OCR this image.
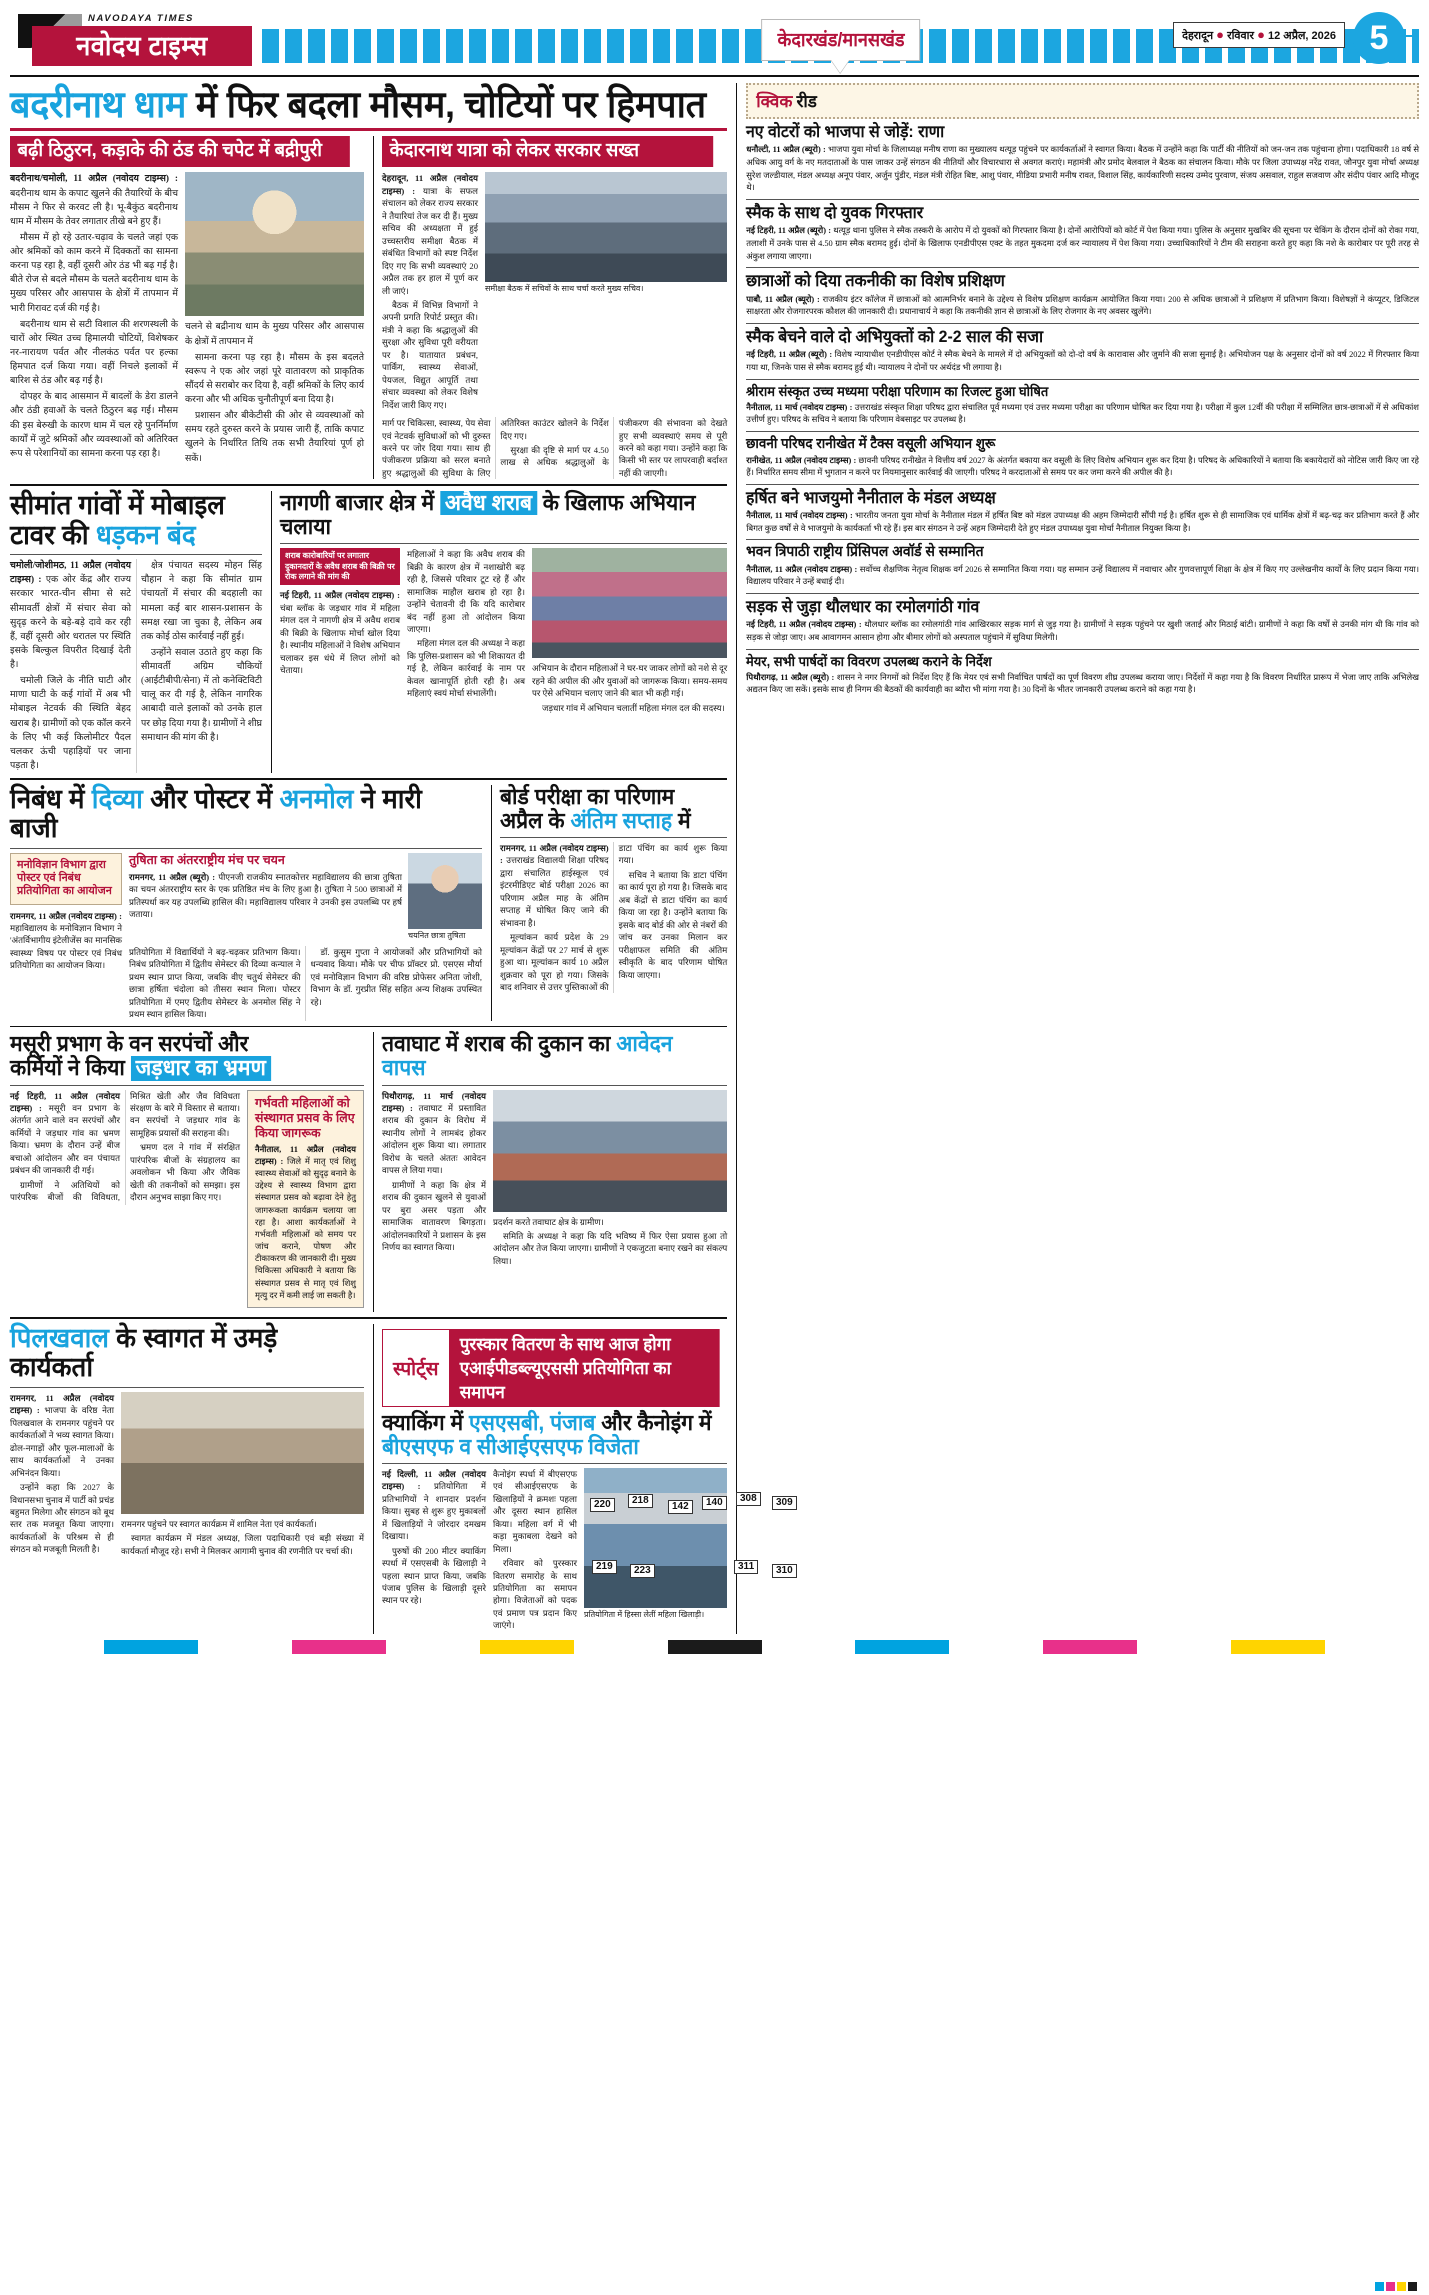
NAVODAYA TIMES
नवोदय टाइम्स	केदारखंड/मानसखंड	देहरादून ● रविवार ● 12 अप्रैल, 2026 5
बदरीनाथ धाम में फिर बदला मौसम, चोटियों पर हिमपात
बढ़ी ठिठुरन, कड़ाके की ठंड की चपेट में बद्रीपुरी

बदरीनाथ/चमोली, 11 अप्रैल (नवोदय टाइम्स) : बदरीनाथ धाम के कपाट खुलने की तैयारियों के बीच मौसम ने फिर से करवट ली है। भू-बैकुंठ बदरीनाथ धाम में मौसम के तेवर लगातार तीखे बने हुए हैं।

मौसम में हो रहे उतार-चढ़ाव के चलते जहां एक ओर श्रमिकों को काम करने में दिक्कतों का सामना करना पड़ रहा है, वहीं दूसरी ओर ठंड भी बढ़ गई है। बीते रोज से बदले मौसम के चलते बदरीनाथ धाम के मुख्य परिसर और आसपास के क्षेत्रों में तापमान में भारी गिरावट दर्ज की गई है।

बदरीनाथ धाम से सटी विशाल की शरणस्थली के चारों ओर स्थित उच्च हिमालयी चोटियों, विशेषकर नर-नारायण पर्वत और नीलकंठ पर्वत पर हल्का हिमपात दर्ज किया गया। वहीं निचले इलाकों में बारिश से ठंड और बढ़ गई है।

दोपहर के बाद आसमान में बादलों के डेरा डालने और ठंडी हवाओं के चलते ठिठुरन बढ़ गई। मौसम की इस बेरुखी के कारण धाम में चल रहे पुनर्निर्माण कार्यों में जुटे श्रमिकों और व्यवस्थाओं को अतिरिक्त रूप से परेशानियों का सामना करना पड़ रहा है।

चलने से बद्रीनाथ धाम के मुख्य परिसर और आसपास के क्षेत्रों में तापमान में

सामना करना पड़ रहा है। मौसम के इस बदलते स्वरूप ने एक ओर जहां पूरे वातावरण को प्राकृतिक सौंदर्य से सराबोर कर दिया है, वहीं श्रमिकों के लिए कार्य करना और भी अधिक चुनौतीपूर्ण बना दिया है।

प्रशासन और बीकेटीसी की ओर से व्यवस्थाओं को समय रहते दुरुस्त करने के प्रयास जारी हैं, ताकि कपाट खुलने के निर्धारित तिथि तक सभी तैयारियां पूर्ण हो सकें।

केदारनाथ यात्रा को लेकर सरकार सख्त

देहरादून, 11 अप्रैल (नवोदय टाइम्स) : यात्रा के सफल संचालन को लेकर राज्य सरकार ने तैयारियां तेज कर दी हैं। मुख्य सचिव की अध्यक्षता में हुई उच्चस्तरीय समीक्षा बैठक में संबंधित विभागों को स्पष्ट निर्देश दिए गए कि सभी व्यवस्थाएं 20 अप्रैल तक हर हाल में पूर्ण कर ली जाएं।

बैठक में विभिन्न विभागों ने अपनी प्रगति रिपोर्ट प्रस्तुत की। मंत्री ने कहा कि श्रद्धालुओं की सुरक्षा और सुविधा पूरी वरीयता पर है। यातायात प्रबंधन, पार्किंग, स्वास्थ्य सेवाओं, पेयजल, विद्युत आपूर्ति तथा संचार व्यवस्था को लेकर विशेष निर्देश जारी किए गए।

समीक्षा बैठक में सचिवों के साथ चर्चा करते मुख्य सचिव।

मार्ग पर चिकित्सा, स्वास्थ्य, पेय सेवा एवं नेटवर्क सुविधाओं को भी दुरुस्त करने पर जोर दिया गया। साथ ही पंजीकरण प्रक्रिया को सरल बनाते हुए श्रद्धालुओं की सुविधा के लिए अतिरिक्त काउंटर खोलने के निर्देश दिए गए।

सुरक्षा की दृष्टि से मार्ग पर 4.50 लाख से अधिक श्रद्धालुओं के पंजीकरण की संभावना को देखते हुए सभी व्यवस्थाएं समय से पूरी करने को कहा गया। उन्होंने कहा कि किसी भी स्तर पर लापरवाही बर्दाश्त नहीं की जाएगी।

सीमांत गांवों में मोबाइल
टावर की धड़कन बंद

चमोली/जोशीमठ, 11 अप्रैल (नवोदय टाइम्स) : एक ओर केंद्र और राज्य सरकार भारत-चीन सीमा से सटे सीमावर्ती क्षेत्रों में संचार सेवा को सुदृढ़ करने के बड़े-बड़े दावे कर रही हैं, वहीं दूसरी ओर धरातल पर स्थिति इसके बिल्कुल विपरीत दिखाई देती है।

चमोली जिले के नीति घाटी और माणा घाटी के कई गांवों में अब भी मोबाइल नेटवर्क की स्थिति बेहद खराब है। ग्रामीणों को एक कॉल करने के लिए भी कई किलोमीटर पैदल चलकर ऊंची पहाड़ियों पर जाना पड़ता है।

क्षेत्र पंचायत सदस्य मोहन सिंह चौहान ने कहा कि सीमांत ग्राम पंचायतों में संचार की बदहाली का मामला कई बार शासन-प्रशासन के समक्ष रखा जा चुका है, लेकिन अब तक कोई ठोस कार्रवाई नहीं हुई।

उन्होंने सवाल उठाते हुए कहा कि सीमावर्ती अग्रिम चौकियों (आईटीबीपी/सेना) में तो कनेक्टिविटी चालू कर दी गई है, लेकिन नागरिक आबादी वाले इलाकों को उनके हाल पर छोड़ दिया गया है। ग्रामीणों ने शीघ्र समाधान की मांग की है।

नागणी बाजार क्षेत्र में अवैध शराब के खिलाफ अभियान चलाया
शराब कारोबारियों पर लगातार दुकानदारों के अवैध शराब की बिक्री पर रोक लगाने की मांग की

नई टिहरी, 11 अप्रैल (नवोदय टाइम्स) : चंबा ब्लॉक के जड़धार गांव में महिला मंगल दल ने नागणी क्षेत्र में अवैध शराब की बिक्री के खिलाफ मोर्चा खोल दिया है। स्थानीय महिलाओं ने विशेष अभियान चलाकर इस धंधे में लिप्त लोगों को चेताया।

महिलाओं ने कहा कि अवैध शराब की बिक्री के कारण क्षेत्र में नशाखोरी बढ़ रही है, जिससे परिवार टूट रहे हैं और सामाजिक माहौल खराब हो रहा है। उन्होंने चेतावनी दी कि यदि कारोबार बंद नहीं हुआ तो आंदोलन किया जाएगा।

महिला मंगल दल की अध्यक्ष ने कहा कि पुलिस-प्रशासन को भी शिकायत दी गई है, लेकिन कार्रवाई के नाम पर केवल खानापूर्ति होती रही है। अब महिलाएं स्वयं मोर्चा संभालेंगी।

अभियान के दौरान महिलाओं ने घर-घर जाकर लोगों को नशे से दूर रहने की अपील की और युवाओं को जागरूक किया। समय-समय पर ऐसे अभियान चलाए जाने की बात भी कही गई।

जड़धार गांव में अभियान चलातीं महिला मंगल दल की सदस्य।

निबंध में दिव्या और पोस्टर में अनमोल ने मारी बाजी
मनोविज्ञान विभाग द्वारा पोस्टर एवं निबंध प्रतियोगिता का आयोजन

रामनगर, 11 अप्रैल (नवोदय टाइम्स) : महाविद्यालय के मनोविज्ञान विभाग ने 'अंतर्विभागीय इंटेलीजेंस का मानसिक स्वास्थ्य' विषय पर पोस्टर एवं निबंध प्रतियोगिता का आयोजन किया।

तुषिता का अंतरराष्ट्रीय मंच पर चयन

रामनगर, 11 अप्रैल (ब्यूरो) : पीएनजी राजकीय स्नातकोत्तर महाविद्यालय की छात्रा तुषिता का चयन अंतरराष्ट्रीय स्तर के एक प्रतिष्ठित मंच के लिए हुआ है। तुषिता ने 500 छात्राओं में प्रतिस्पर्धा कर यह उपलब्धि हासिल की। महाविद्यालय परिवार ने उनकी इस उपलब्धि पर हर्ष जताया।

चयनित छात्रा तुषिता

प्रतियोगिता में विद्यार्थियों ने बढ़-चढ़कर प्रतिभाग किया। निबंध प्रतियोगिता में द्वितीय सेमेस्टर की दिव्या कन्याल ने प्रथम स्थान प्राप्त किया, जबकि वीए चतुर्थ सेमेस्टर की छात्रा हर्षिता चंदोला को तीसरा स्थान मिला। पोस्टर प्रतियोगिता में एमए द्वितीय सेमेस्टर के अनमोल सिंह ने प्रथम स्थान हासिल किया।

डॉ. कुसुम गुप्ता ने आयोजकों और प्रतिभागियों को धन्यवाद किया। मौके पर चीफ प्रॉक्टर प्रो. एसएस मौर्या एवं मनोविज्ञान विभाग की वरिष्ठ प्रोफेसर अनिता जोशी, विभाग के डॉ. गुरप्रीत सिंह सहित अन्य शिक्षक उपस्थित रहे।

बोर्ड परीक्षा का परिणाम
अप्रैल के अंतिम सप्ताह में

रामनगर, 11 अप्रैल (नवोदय टाइम्स) : उत्तराखंड विद्यालयी शिक्षा परिषद द्वारा संचालित हाईस्कूल एवं इंटरमीडिएट बोर्ड परीक्षा 2026 का परिणाम अप्रैल माह के अंतिम सप्ताह में घोषित किए जाने की संभावना है।

मूल्यांकन कार्य प्रदेश के 29 मूल्यांकन केंद्रों पर 27 मार्च से शुरू हुआ था। मूल्यांकन कार्य 10 अप्रैल शुक्रवार को पूरा हो गया। जिसके बाद शनिवार से उत्तर पुस्तिकाओं की डाटा पंचिंग का कार्य शुरू किया गया।

सचिव ने बताया कि डाटा पंचिंग का कार्य पूरा हो गया है। जिसके बाद अब केंद्रों से डाटा पंचिंग का कार्य किया जा रहा है। उन्होंने बताया कि इसके बाद बोर्ड की ओर से नंबरों की जांच कर उनका मिलान कर परीक्षाफल समिति की अंतिम स्वीकृति के बाद परिणाम घोषित किया जाएगा।

मसूरी प्रभाग के वन सरपंचों और
कर्मियों ने किया जड़धार का भ्रमण

नई टिहरी, 11 अप्रैल (नवोदय टाइम्स) : मसूरी वन प्रभाग के अंतर्गत आने वाले वन सरपंचों और कर्मियों ने जड़धार गांव का भ्रमण किया। भ्रमण के दौरान उन्हें बीज बचाओ आंदोलन और वन पंचायत प्रबंधन की जानकारी दी गई।

ग्रामीणों ने अतिथियों को पारंपरिक बीजों की विविधता, मिश्रित खेती और जैव विविधता संरक्षण के बारे में विस्तार से बताया। वन सरपंचों ने जड़धार गांव के सामूहिक प्रयासों की सराहना की।

भ्रमण दल ने गांव में संरक्षित पारंपरिक बीजों के संग्रहालय का अवलोकन भी किया और जैविक खेती की तकनीकों को समझा। इस दौरान अनुभव साझा किए गए।

गर्भवती महिलाओं को संस्थागत प्रसव के लिए किया जागरूक
नैनीताल, 11 अप्रैल (नवोदय टाइम्स) : जिले में मातृ एवं शिशु स्वास्थ्य सेवाओं को सुदृढ़ बनाने के उद्देश्य से स्वास्थ्य विभाग द्वारा संस्थागत प्रसव को बढ़ावा देने हेतु जागरूकता कार्यक्रम चलाया जा रहा है। आशा कार्यकर्ताओं ने गर्भवती महिलाओं को समय पर जांच कराने, पोषण और टीकाकरण की जानकारी दी। मुख्य चिकित्सा अधिकारी ने बताया कि संस्थागत प्रसव से मातृ एवं शिशु मृत्यु दर में कमी लाई जा सकती है।
तवाघाट में शराब की दुकान का आवेदन वापस

पिथौरागढ़, 11 मार्च (नवोदय टाइम्स) : तवाघाट में प्रस्तावित शराब की दुकान के विरोध में स्थानीय लोगों ने लामबंद होकर आंदोलन शुरू किया था। लगातार विरोध के चलते अंततः आवेदन वापस ले लिया गया।

ग्रामीणों ने कहा कि क्षेत्र में शराब की दुकान खुलने से युवाओं पर बुरा असर पड़ता और सामाजिक वातावरण बिगड़ता। आंदोलनकारियों ने प्रशासन के इस निर्णय का स्वागत किया।

प्रदर्शन करते तवाघाट क्षेत्र के ग्रामीण।

समिति के अध्यक्ष ने कहा कि यदि भविष्य में फिर ऐसा प्रयास हुआ तो आंदोलन और तेज किया जाएगा। ग्रामीणों ने एकजुटता बनाए रखने का संकल्प लिया।

पिलखवाल के स्वागत में उमड़े कार्यकर्ता

रामनगर, 11 अप्रैल (नवोदय टाइम्स) : भाजपा के वरिष्ठ नेता पिलखवाल के रामनगर पहुंचने पर कार्यकर्ताओं ने भव्य स्वागत किया। ढोल-नगाड़ों और फूल-मालाओं के साथ कार्यकर्ताओं ने उनका अभिनंदन किया।

उन्होंने कहा कि 2027 के विधानसभा चुनाव में पार्टी को प्रचंड बहुमत मिलेगा और संगठन को बूथ स्तर तक मजबूत किया जाएगा। कार्यकर्ताओं के परिश्रम से ही संगठन को मजबूती मिलती है।

रामनगर पहुंचने पर स्वागत कार्यक्रम में शामिल नेता एवं कार्यकर्ता।

स्वागत कार्यक्रम में मंडल अध्यक्ष, जिला पदाधिकारी एवं बड़ी संख्या में कार्यकर्ता मौजूद रहे। सभी ने मिलकर आगामी चुनाव की रणनीति पर चर्चा की।

स्पोर्ट्स
पुरस्कार वितरण के साथ आज होगा एआईपीडब्ल्यूएससी प्रतियोगिता का समापन
क्याकिंग में एसएसबी, पंजाब और कैनोइंग में बीएसएफ व सीआईएसएफ विजेता

नई दिल्ली, 11 अप्रैल (नवोदय टाइम्स) : प्रतियोगिता में प्रतिभागियों ने शानदार प्रदर्शन किया। सुबह से शुरू हुए मुकाबलों में खिलाड़ियों ने जोरदार दमखम दिखाया।

पुरुषों की 200 मीटर क्याकिंग स्पर्धा में एसएसबी के खिलाड़ी ने पहला स्थान प्राप्त किया, जबकि पंजाब पुलिस के खिलाड़ी दूसरे स्थान पर रहे।

कैनोइंग स्पर्धा में बीएसएफ एवं सीआईएसएफ के खिलाड़ियों ने क्रमशः पहला और दूसरा स्थान हासिल किया। महिला वर्ग में भी कड़ा मुकाबला देखने को मिला।

रविवार को पुरस्कार वितरण समारोह के साथ प्रतियोगिता का समापन होगा। विजेताओं को पदक एवं प्रमाण पत्र प्रदान किए जाएंगे।

220	218
142	140	308	309
219	223	311	310
प्रतियोगिता में हिस्सा लेतीं महिला खिलाड़ी।
क्विक रीड
नए वोटरों को भाजपा से जोड़ें: राणा

धनौल्टी, 11 अप्रैल (ब्यूरो) : भाजपा युवा मोर्चा के जिलाध्यक्ष मनीष राणा का मुख्यालय थत्यूड़ पहुंचने पर कार्यकर्ताओं ने स्वागत किया। बैठक में उन्होंने कहा कि पार्टी की नीतियों को जन-जन तक पहुंचाना होगा। पदाधिकारी 18 वर्ष से अधिक आयु वर्ग के नए मतदाताओं के पास जाकर उन्हें संगठन की नीतियों और विचारधारा से अवगत कराएं। महामंत्री और प्रमोद बेलवाल ने बैठक का संचालन किया। मौके पर जिला उपाध्यक्ष नरेंद्र रावत, जौनपुर युवा मोर्चा अध्यक्ष सुरेश जल्डीयाल, मंडल अध्यक्ष अनूप पंवार, अर्जुन पुंडीर, मंडल मंत्री रोहित बिष्ट, आशु पंवार, मीडिया प्रभारी मनीष रावत, विशाल सिंह, कार्यकारिणी सदस्य उम्मेद पुरवाण, संजय असवाल, राहुल सजवाण और संदीप पंवार आदि मौजूद थे।

स्मैक के साथ दो युवक गिरफ्तार

नई टिहरी, 11 अप्रैल (ब्यूरो) : थत्यूड़ थाना पुलिस ने स्मैक तस्करी के आरोप में दो युवकों को गिरफ्तार किया है। दोनों आरोपियों को कोर्ट में पेश किया गया। पुलिस के अनुसार मुखबिर की सूचना पर चेकिंग के दौरान दोनों को रोका गया, तलाशी में उनके पास से 4.50 ग्राम स्मैक बरामद हुई। दोनों के खिलाफ एनडीपीएस एक्ट के तहत मुकदमा दर्ज कर न्यायालय में पेश किया गया। उच्चाधिकारियों ने टीम की सराहना करते हुए कहा कि नशे के कारोबार पर पूरी तरह से अंकुश लगाया जाएगा।

छात्राओं को दिया तकनीकी का विशेष प्रशिक्षण

पाबौ, 11 अप्रैल (ब्यूरो) : राजकीय इंटर कॉलेज में छात्राओं को आत्मनिर्भर बनाने के उद्देश्य से विशेष प्रशिक्षण कार्यक्रम आयोजित किया गया। 200 से अधिक छात्राओं ने प्रशिक्षण में प्रतिभाग किया। विशेषज्ञों ने कंप्यूटर, डिजिटल साक्षरता और रोजगारपरक कौशल की जानकारी दी। प्रधानाचार्य ने कहा कि तकनीकी ज्ञान से छात्राओं के लिए रोजगार के नए अवसर खुलेंगे।

स्मैक बेचने वाले दो अभियुक्तों को 2-2 साल की सजा

नई टिहरी, 11 अप्रैल (ब्यूरो) : विशेष न्यायाधीश एनडीपीएस कोर्ट ने स्मैक बेचने के मामले में दो अभियुक्तों को दो-दो वर्ष के कारावास और जुर्माने की सजा सुनाई है। अभियोजन पक्ष के अनुसार दोनों को वर्ष 2022 में गिरफ्तार किया गया था, जिनके पास से स्मैक बरामद हुई थी। न्यायालय ने दोनों पर अर्थदंड भी लगाया है।

श्रीराम संस्कृत उच्च मध्यमा परीक्षा परिणाम का रिजल्ट हुआ घोषित

नैनीताल, 11 मार्च (नवोदय टाइम्स) : उत्तराखंड संस्कृत शिक्षा परिषद द्वारा संचालित पूर्व मध्यमा एवं उत्तर मध्यमा परीक्षा का परिणाम घोषित कर दिया गया है। परीक्षा में कुल 12वीं की परीक्षा में सम्मिलित छात्र-छात्राओं में से अधिकांश उत्तीर्ण हुए। परिषद के सचिव ने बताया कि परिणाम वेबसाइट पर उपलब्ध है।

छावनी परिषद रानीखेत में टैक्स वसूली अभियान शुरू

रानीखेत, 11 अप्रैल (नवोदय टाइम्स) : छावनी परिषद रानीखेत ने वित्तीय वर्ष 2027 के अंतर्गत बकाया कर वसूली के लिए विशेष अभियान शुरू कर दिया है। परिषद के अधिकारियों ने बताया कि बकायेदारों को नोटिस जारी किए जा रहे हैं। निर्धारित समय सीमा में भुगतान न करने पर नियमानुसार कार्रवाई की जाएगी। परिषद ने करदाताओं से समय पर कर जमा करने की अपील की है।

हर्षित बने भाजयुमो नैनीताल के मंडल अध्यक्ष

नैनीताल, 11 मार्च (नवोदय टाइम्स) : भारतीय जनता युवा मोर्चा के नैनीताल मंडल में हर्षित बिष्ट को मंडल उपाध्यक्ष की अहम जिम्मेदारी सौंपी गई है। हर्षित शुरू से ही सामाजिक एवं धार्मिक क्षेत्रों में बढ़-चढ़ कर प्रतिभाग करते हैं और बिगत कुछ वर्षों से वे भाजयुमो के कार्यकर्ता भी रहे हैं। इस बार संगठन ने उन्हें अहम जिम्मेदारी देते हुए मंडल उपाध्यक्ष युवा मोर्चा नैनीताल नियुक्त किया है।

भवन त्रिपाठी राष्ट्रीय प्रिंसिपल अवॉर्ड से सम्मानित

नैनीताल, 11 अप्रैल (नवोदय टाइम्स) : सर्वोच्च शैक्षणिक नेतृत्व शिक्षक वर्ग 2026 से सम्मानित किया गया। यह सम्मान उन्हें विद्यालय में नवाचार और गुणवत्तापूर्ण शिक्षा के क्षेत्र में किए गए उल्लेखनीय कार्यों के लिए प्रदान किया गया। विद्यालय परिवार ने उन्हें बधाई दी।

सड़क से जुड़ा थौलधार का रमोलगांठी गांव

नई टिहरी, 11 अप्रैल (नवोदय टाइम्स) : थौलधार ब्लॉक का रमोलगांठी गांव आखिरकार सड़क मार्ग से जुड़ गया है। ग्रामीणों ने सड़क पहुंचने पर खुशी जताई और मिठाई बांटी। ग्रामीणों ने कहा कि वर्षों से उनकी मांग थी कि गांव को सड़क से जोड़ा जाए। अब आवागमन आसान होगा और बीमार लोगों को अस्पताल पहुंचाने में सुविधा मिलेगी।

मेयर, सभी पार्षदों का विवरण उपलब्ध कराने के निर्देश

पिथौरागढ़, 11 अप्रैल (ब्यूरो) : शासन ने नगर निगमों को निर्देश दिए हैं कि मेयर एवं सभी निर्वाचित पार्षदों का पूर्ण विवरण शीघ्र उपलब्ध कराया जाए। निर्देशों में कहा गया है कि विवरण निर्धारित प्रारूप में भेजा जाए ताकि अभिलेख अद्यतन किए जा सकें। इसके साथ ही निगम की बैठकों की कार्यवाही का ब्यौरा भी मांगा गया है। 30 दिनों के भीतर जानकारी उपलब्ध कराने को कहा गया है।
